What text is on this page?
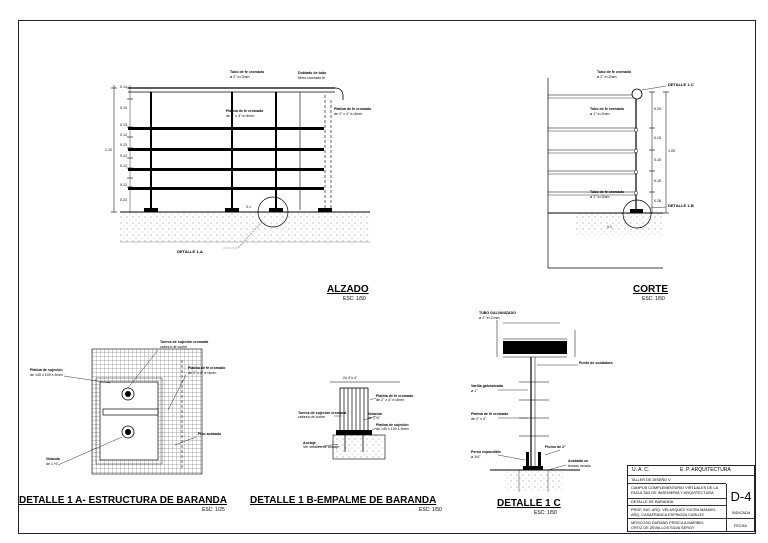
Tubo de fe cromado
ø 2" e=2mm
Doblado de tubo
fierro cromado fe
Platina de fe cromado
de 2" x 4" e=4mm
Platina de fe cromado
de 2" x 4" e=4mm
DETALLE 1-A
0.1
0.14
0.10
0.13
0.12
0.13
0.12
0.12
0.12
0.23
1.10
ALZADO
ESC: 1/50
Tubo de fe cromado
ø 2" e=2mm
DETALLE 1-C
Tubo de fe cromado
ø 1" e=2mm
Tubo de fe cromado
ø 1" e=2mm
DETALLE 1-B
0.1
0.29
0.15
0.15
0.15
0.28
1.05
CORTE
ESC: 1/50
Tuerca de sujeción cromada
cabeza de coche
Platina de sujeción
de 140 x 100 x 6mm
Platina de fe cromado
de 2" x 4" e=4mm
Piso acabado
Volanda
de 1 ½"
DETALLE 1 A- ESTRUCTURA DE BARANDA
ESC: 1/25
2o 2"x 4"
Platina de fe cromado
de 2" x 4" e=4mm
Tuerca de sujeción cromada
cabeza de coche
Volanda
de 1 ½"
Platina de sujeción
de 140 x 100 x 6mm
Anclaje
Ver detalles de anclaje
DETALLE 1 B-EMPALME DE BARANDA
ESC: 1/50
TUBO GALVANIZADO
ø 2" e=2 mm
Punto de soldadura
Varilla galvanizada
ø 1"
Platina de fe cromado
de 2" x 4"
Perno expandible
ø 3/4"
Plomo de 2"
Acabado en
terrazo lavado
DETALLE 1 C
ESC: 1/50
U. A. C.	E. P. ARQUITECTURA
TALLER DE DISEÑO V
CAMPUS COMPLEMENTARIO VIRTUALES DE LA
FACULTAD DE INGENIERIA Y ARQUITECTURA
DETALLE DE BARANDA
PROF. ING. ARQ. VELASQUEZ YUCRA MANUEL
ARQ. CASAFRANCA ESPINOZA CARLOS	INDICADA
MOSCOSO DURAND PRISCILA MARIBEL
ORTIZ DE ZEVALLOS SILVA SERGY	FECHA
D-4
